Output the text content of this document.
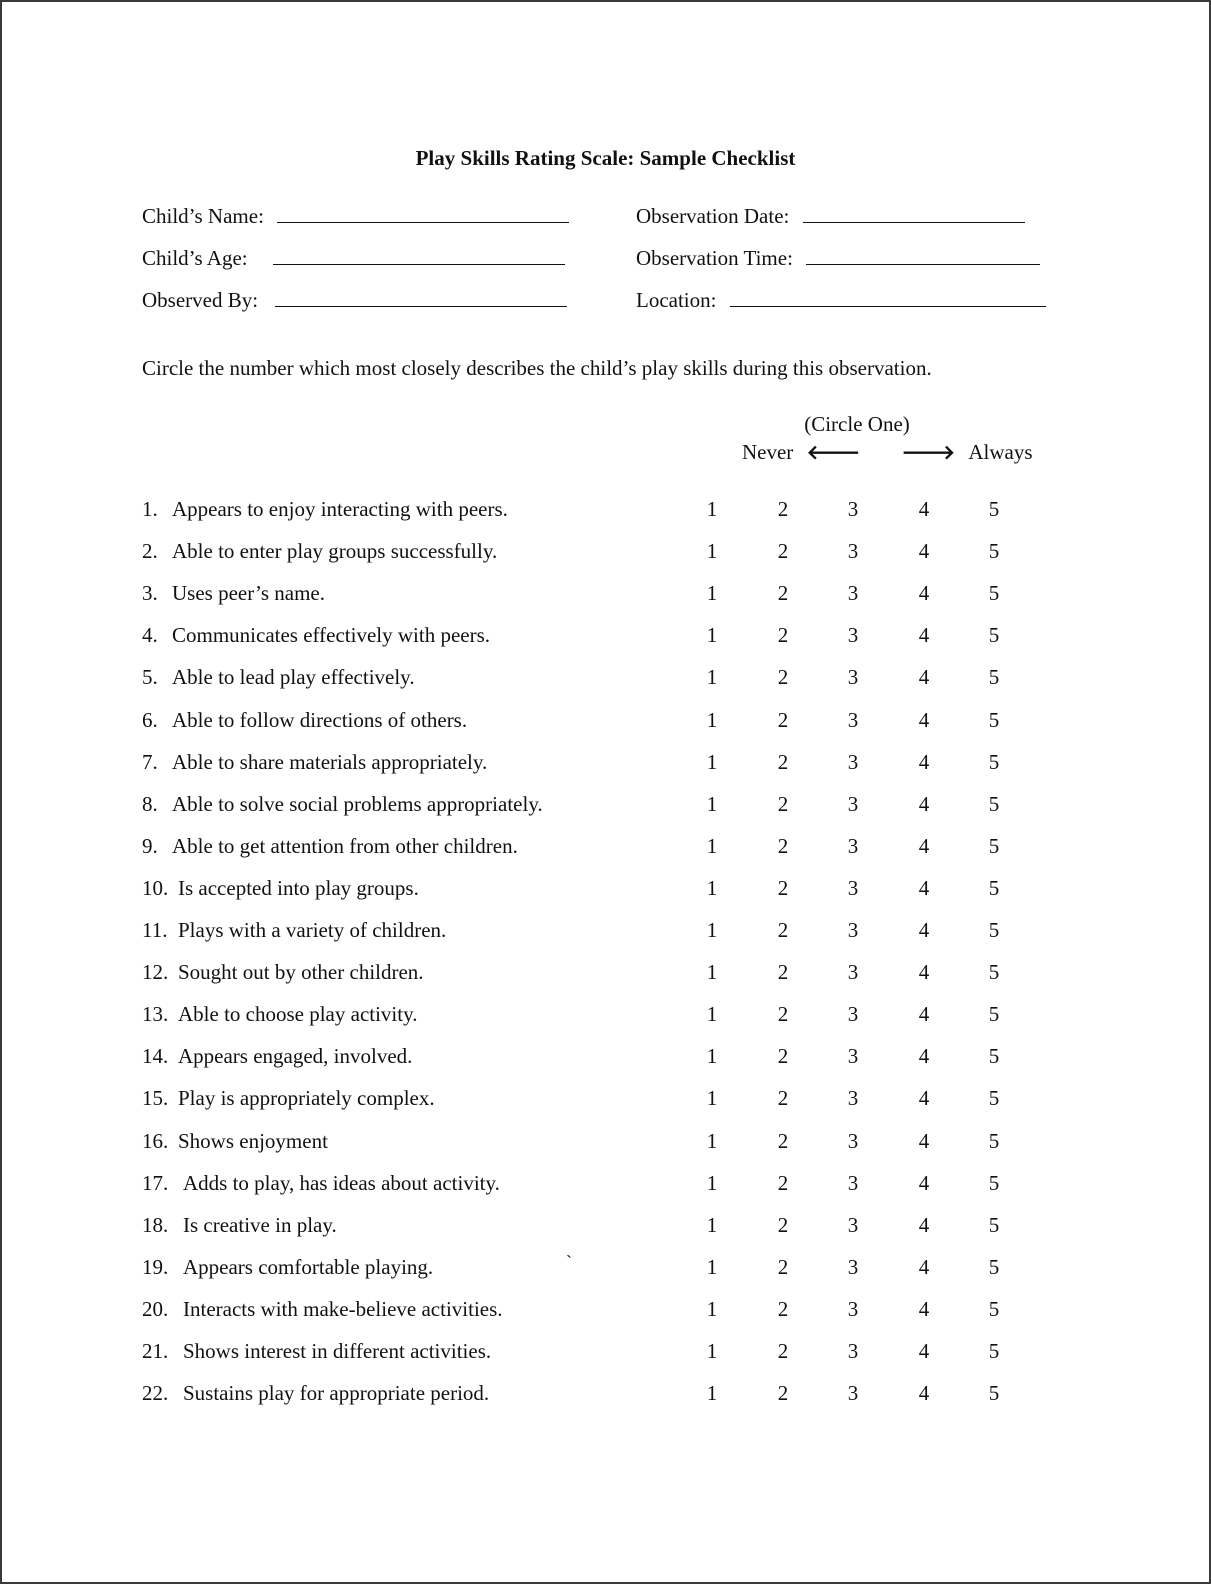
Play Skills Rating Scale: Sample Checklist
Child’s Name:	Observation Date:
Child’s Age:	Observation Time:
Observed By:	Location:
Circle the number which most closely describes the child’s play skills during this observation.
(Circle One)
Never 🡐 🡒 Always
1. Appears to enjoy interacting with peers.	1	2	3	4	5
2. Able to enter play groups successfully.	1	2	3	4	5
3. Uses peer’s name.	1	2	3	4	5
4. Communicates effectively with peers.	1	2	3	4	5
5. Able to lead play effectively.	1	2	3	4	5
6. Able to follow directions of others.	1	2	3	4	5
7. Able to share materials appropriately.	1	2	3	4	5
8. Able to solve social problems appropriately.	1	2	3	4	5
9. Able to get attention from other children.	1	2	3	4	5
10. Is accepted into play groups.	1	2	3	4	5
11. Plays with a variety of children.	1	2	3	4	5
12. Sought out by other children.	1	2	3	4	5
13. Able to choose play activity.	1	2	3	4	5
14. Appears engaged, involved.	1	2	3	4	5
15. Play is appropriately complex.	1	2	3	4	5
16. Shows enjoyment	1	2	3	4	5
17. Adds to play, has ideas about activity.	1	2	3	4	5
18. Is creative in play.	1	2	3	4	5
19. Appears comfortable playing.	1	2	3	4	5
20. Interacts with make-believe activities.	1	2	3	4	5
21. Shows interest in different activities.	1	2	3	4	5
22. Sustains play for appropriate period.	1	2	3	4	5
`
